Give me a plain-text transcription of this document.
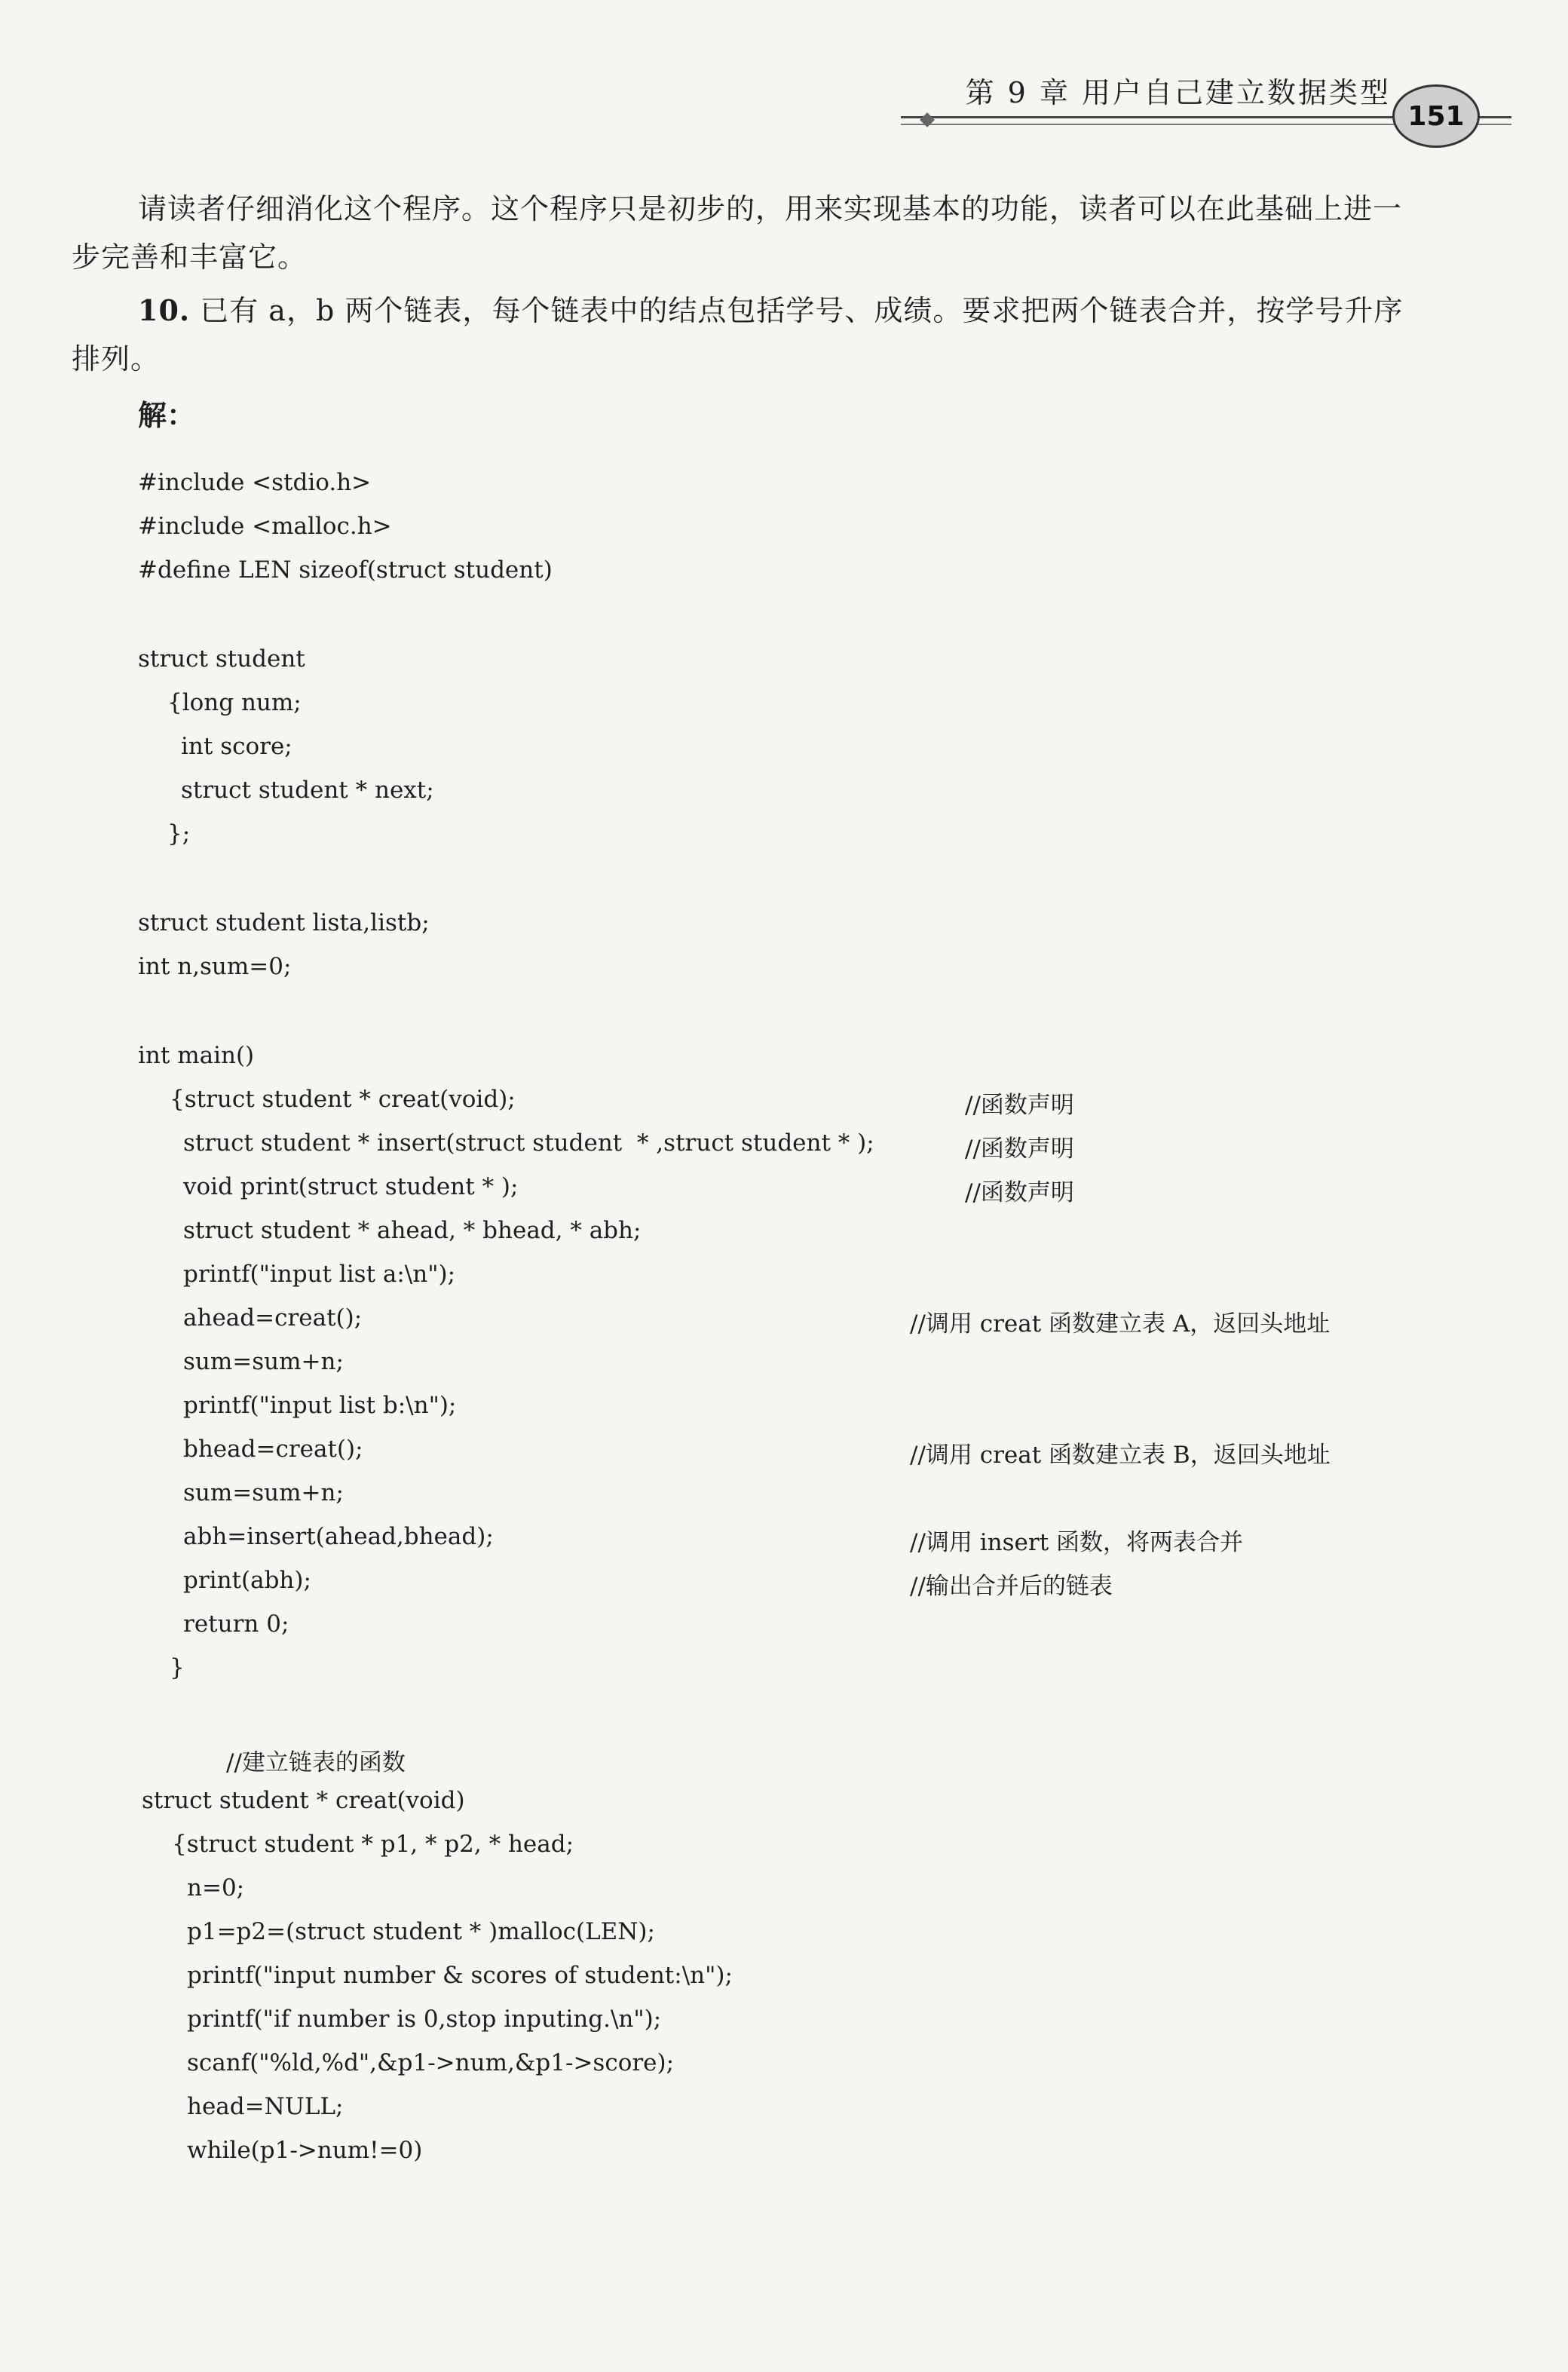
第 9 章 用户自己建立数据类型
151
请读者仔细消化这个程序。这个程序只是初步的，用来实现基本的功能，读者可以在此基础上进一步完善和丰富它。
10. 已有 a，b 两个链表，每个链表中的结点包括学号、成绩。要求把两个链表合并，按学号升序排列。
解：

#include <stdio.h>

#include <malloc.h>

#define LEN sizeof(struct student)

struct student

{long num;

int score;

struct student * next;

};

struct student lista,listb;

int n,sum=0;

int main()

{struct student * creat(void);

	//函数声明

struct student * insert(struct student  * ,struct student * );

	//函数声明

void print(struct student * );

	//函数声明

struct student * ahead, * bhead, * abh;

printf("input list a:\n");

ahead=creat();

	//调用 creat 函数建立表 A，返回头地址

sum=sum+n;

printf("input list b:\n");

bhead=creat();

	//调用 creat 函数建立表 B，返回头地址

sum=sum+n;

abh=insert(ahead,bhead);

	//调用 insert 函数，将两表合并

print(abh);

	//输出合并后的链表

return 0;

}

//建立链表的函数

struct student * creat(void)

{struct student * p1, * p2, * head;

n=0;

p1=p2=(struct student * )malloc(LEN);

printf("input number & scores of student:\n");

printf("if number is 0,stop inputing.\n");

scanf("%ld,%d",&p1->num,&p1->score);

head=NULL;

while(p1->num!=0)
